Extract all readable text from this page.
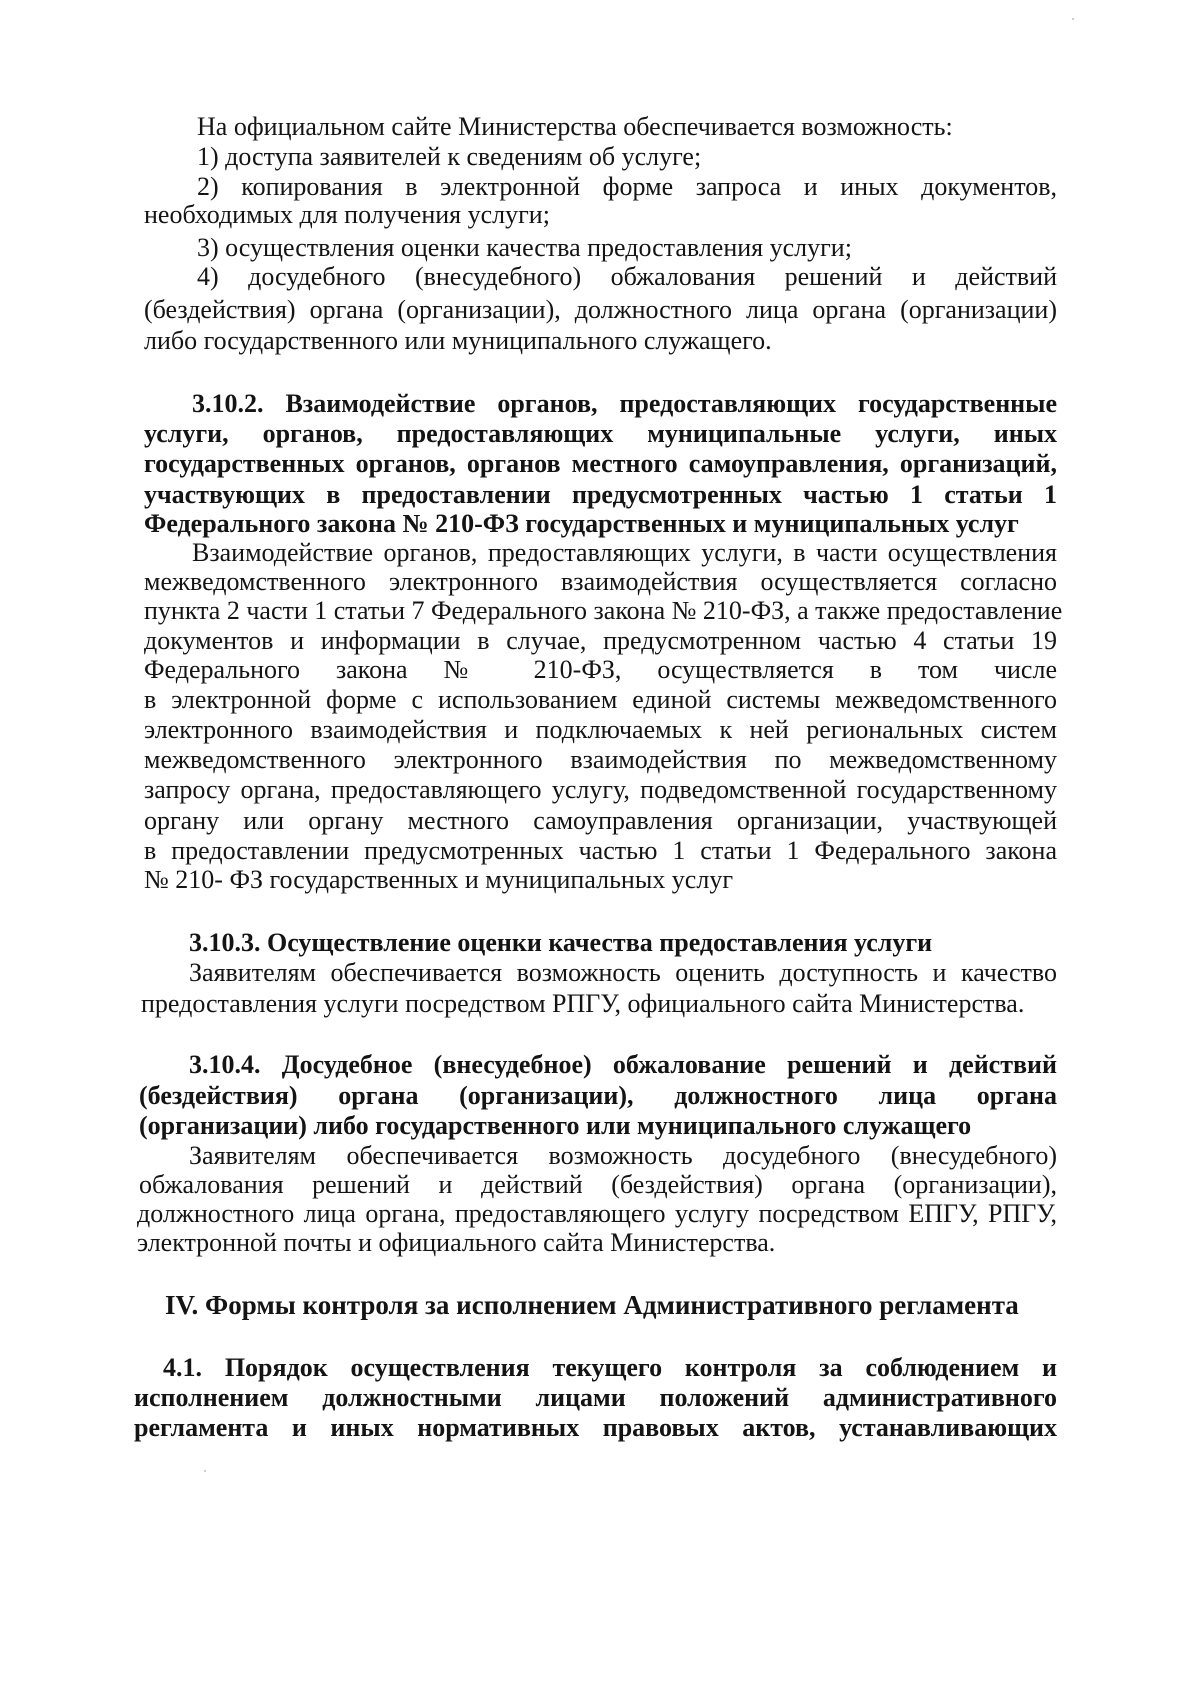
На официальном сайте Министерства обеспечивается возможность:
1) доступа заявителей к сведениям об услуге;
2) копирования в электронной форме запроса и иных документов,
необходимых для получения услуги;
3) осуществления оценки качества предоставления услуги;
4) досудебного (внесудебного) обжалования решений и действий
(бездействия) органа (организации), должностного лица органа (организации)
либо государственного или муниципального служащего.
3.10.2. Взаимодействие органов, предоставляющих государственные
услуги, органов, предоставляющих муниципальные услуги, иных
государственных органов, органов местного самоуправления, организаций,
участвующих в предоставлении предусмотренных частью 1 статьи 1
Федерального закона № 210-ФЗ государственных и муниципальных услуг
Взаимодействие органов, предоставляющих услуги, в части осуществления
межведомственного электронного взаимодействия осуществляется согласно
пункта 2 части 1 статьи 7 Федерального закона № 210-ФЗ, а также предоставление
документов и информации в случае, предусмотренном частью 4 статьи 19
Федерального закона № 210-ФЗ, осуществляется в том числе
в электронной форме с использованием единой системы межведомственного
электронного взаимодействия и подключаемых к ней региональных систем
межведомственного электронного взаимодействия по межведомственному
запросу органа, предоставляющего услугу, подведомственной государственному
органу или органу местного самоуправления организации, участвующей
в предоставлении предусмотренных частью 1 статьи 1 Федерального закона
№ 210- ФЗ государственных и муниципальных услуг
3.10.3. Осуществление оценки качества предоставления услуги
Заявителям обеспечивается возможность оценить доступность и качество
предоставления услуги посредством РПГУ, официального сайта Министерства.
3.10.4. Досудебное (внесудебное) обжалование решений и действий
(бездействия) органа (организации), должностного лица органа
(организации) либо государственного или муниципального служащего
Заявителям обеспечивается возможность досудебного (внесудебного)
обжалования решений и действий (бездействия) органа (организации),
должностного лица органа, предоставляющего услугу посредством ЕПГУ, РПГУ,
электронной почты и официального сайта Министерства.
IV. Формы контроля за исполнением Административного регламента
4.1. Порядок осуществления текущего контроля за соблюдением и
исполнением должностными лицами положений административного
регламента и иных нормативных правовых актов, устанавливающих
